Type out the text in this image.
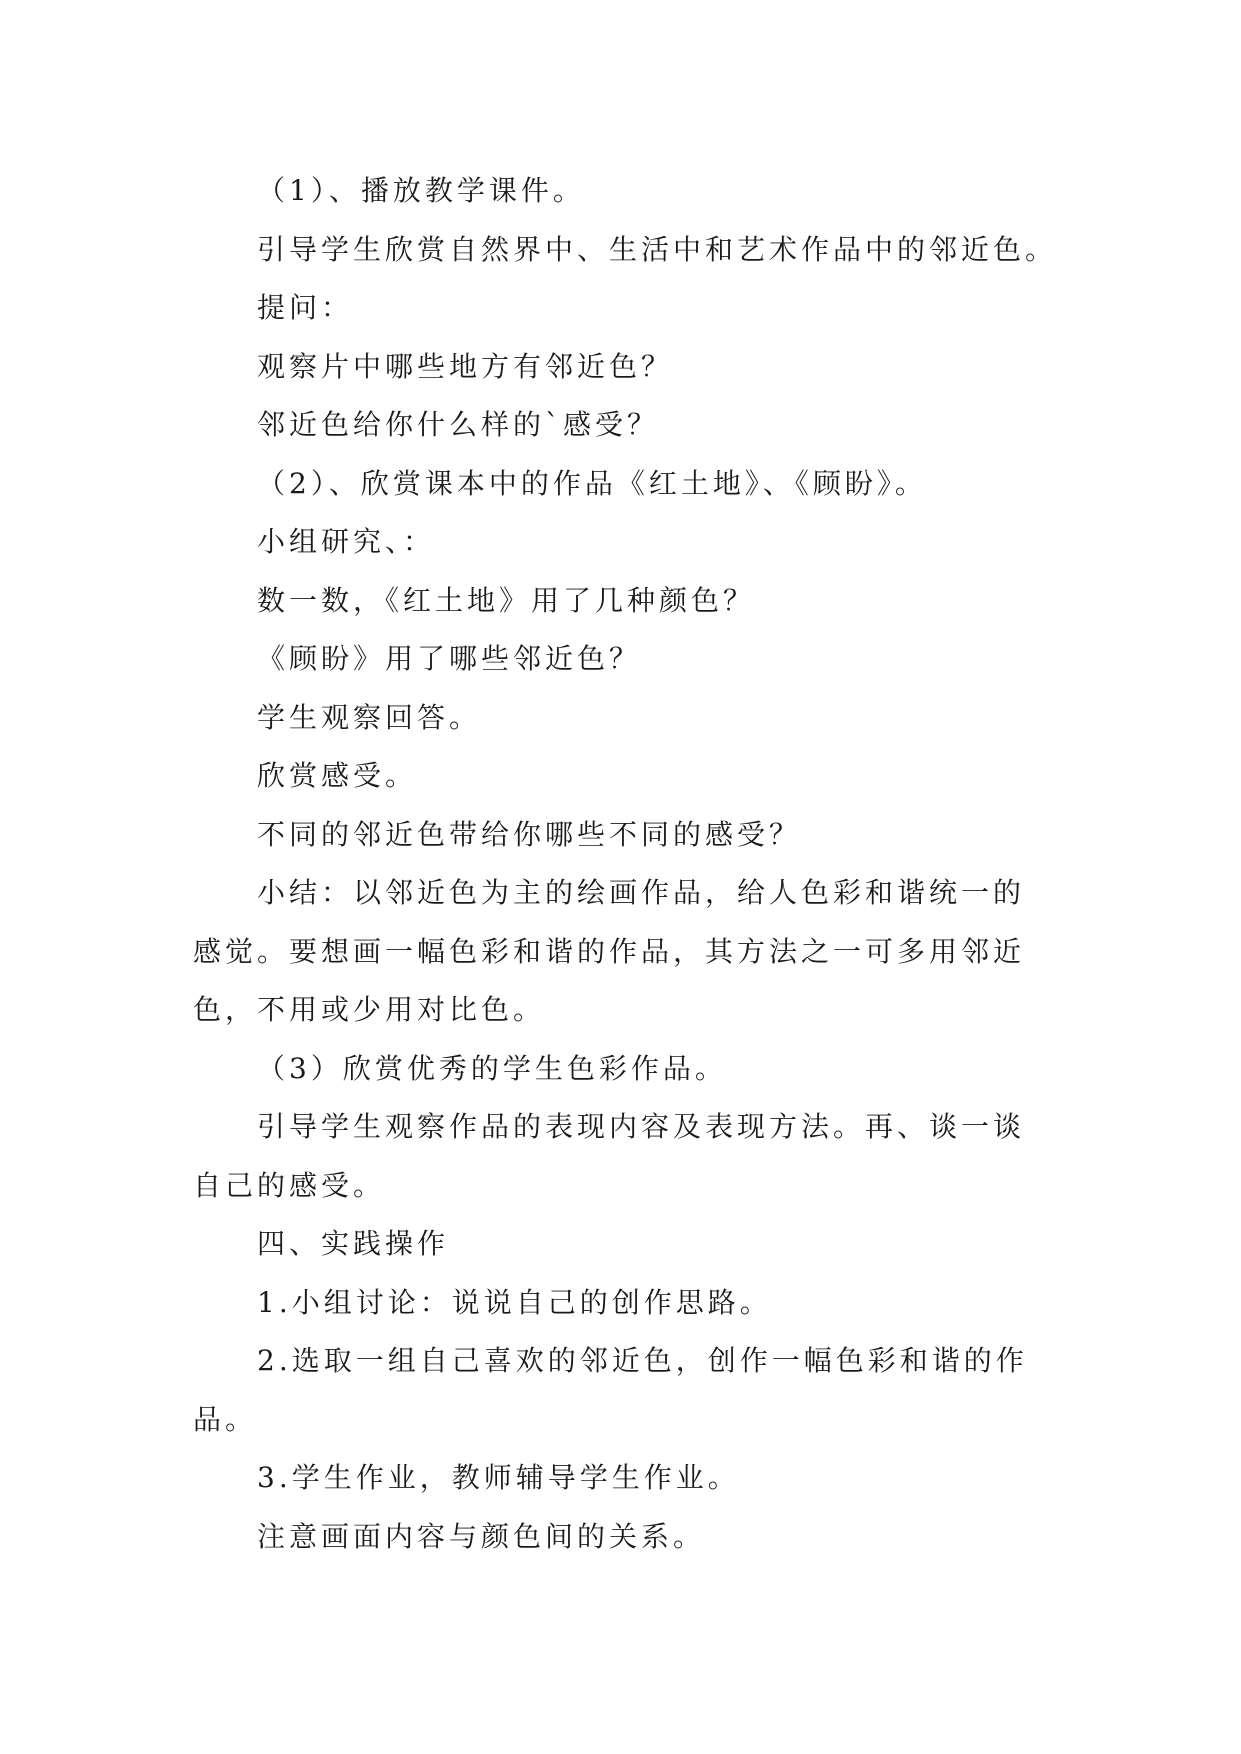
（1）、播放教学课件。

引导学生欣赏自然界中、生活中和艺术作品中的邻近色。

提问：

观察片中哪些地方有邻近色？

邻近色给你什么样的`感受？

（2）、欣赏课本中的作品《红土地》、《顾盼》。

小组研究、：

数一数，《红土地》用了几种颜色？

《顾盼》用了哪些邻近色？

学生观察回答。

欣赏感受。

不同的邻近色带给你哪些不同的感受？

小结：以邻近色为主的绘画作品，给人色彩和谐统一的

感觉。要想画一幅色彩和谐的作品，其方法之一可多用邻近

色，不用或少用对比色。

（3）欣赏优秀的学生色彩作品。

引导学生观察作品的表现内容及表现方法。再、谈一谈

自己的感受。

四、实践操作

1.小组讨论：说说自己的创作思路。

2.选取一组自己喜欢的邻近色，创作一幅色彩和谐的作

品。

3.学生作业，教师辅导学生作业。

注意画面内容与颜色间的关系。
